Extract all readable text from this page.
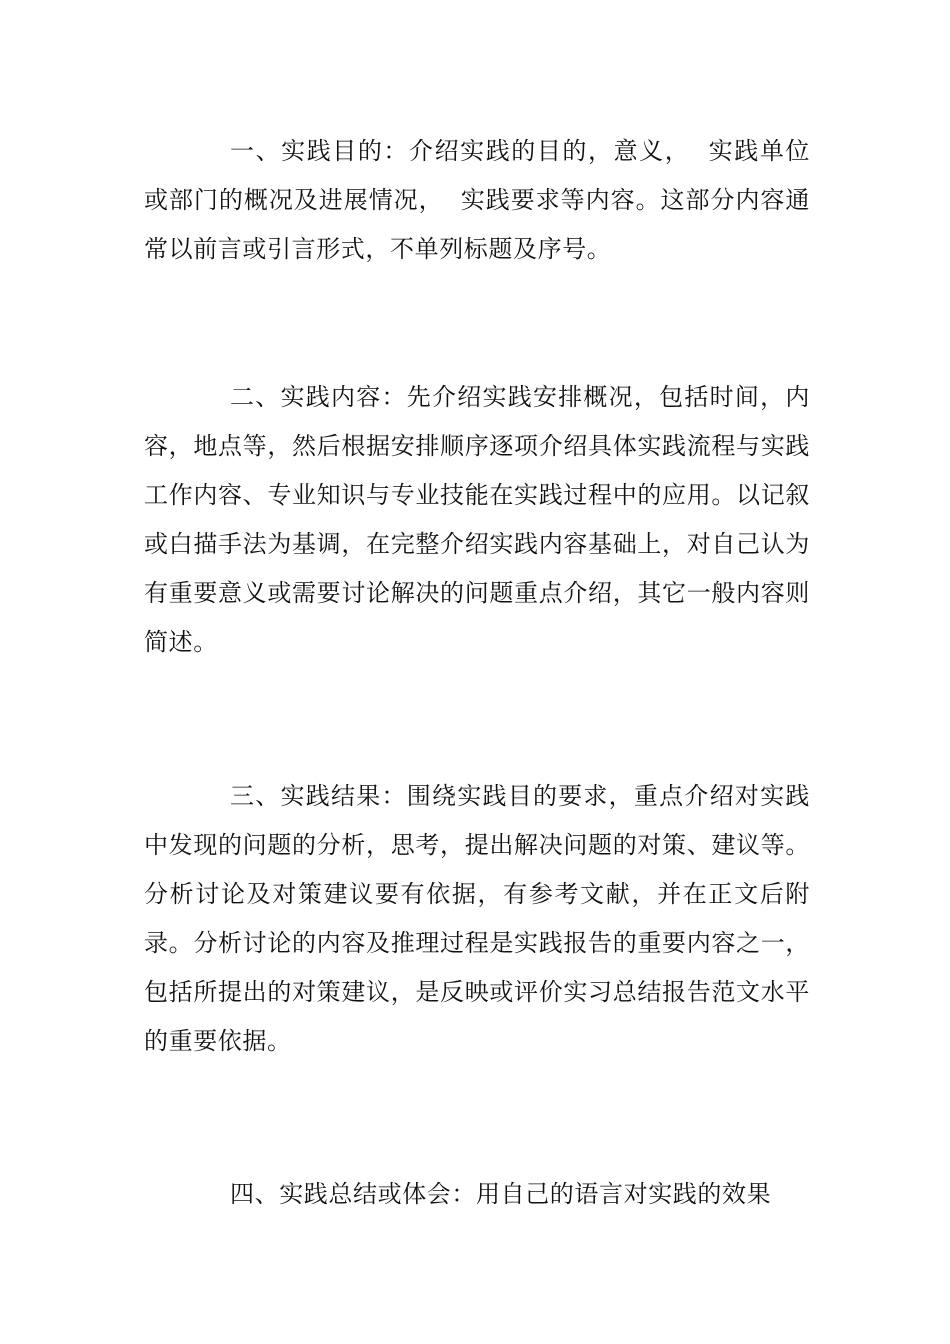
一、实践目的：介绍实践的目的，意义，  实践单位或部门的概况及进展情况，  实践要求等内容。这部分内容通常以前言或引言形式，不单列标题及序号。

二、实践内容：先介绍实践安排概况，包括时间，内容，地点等，然后根据安排顺序逐项介绍具体实践流程与实践工作内容、专业知识与专业技能在实践过程中的应用。以记叙或白描手法为基调，在完整介绍实践内容基础上，对自己认为有重要意义或需要讨论解决的问题重点介绍，其它一般内容则简述。

三、实践结果：围绕实践目的要求，重点介绍对实践中发现的问题的分析，思考，提出解决问题的对策、建议等。分析讨论及对策建议要有依据，有参考文献，并在正文后附录。分析讨论的内容及推理过程是实践报告的重要内容之一，包括所提出的对策建议，是反映或评价实习总结报告范文水平的重要依据。

四、实践总结或体会：用自己的语言对实践的效果
